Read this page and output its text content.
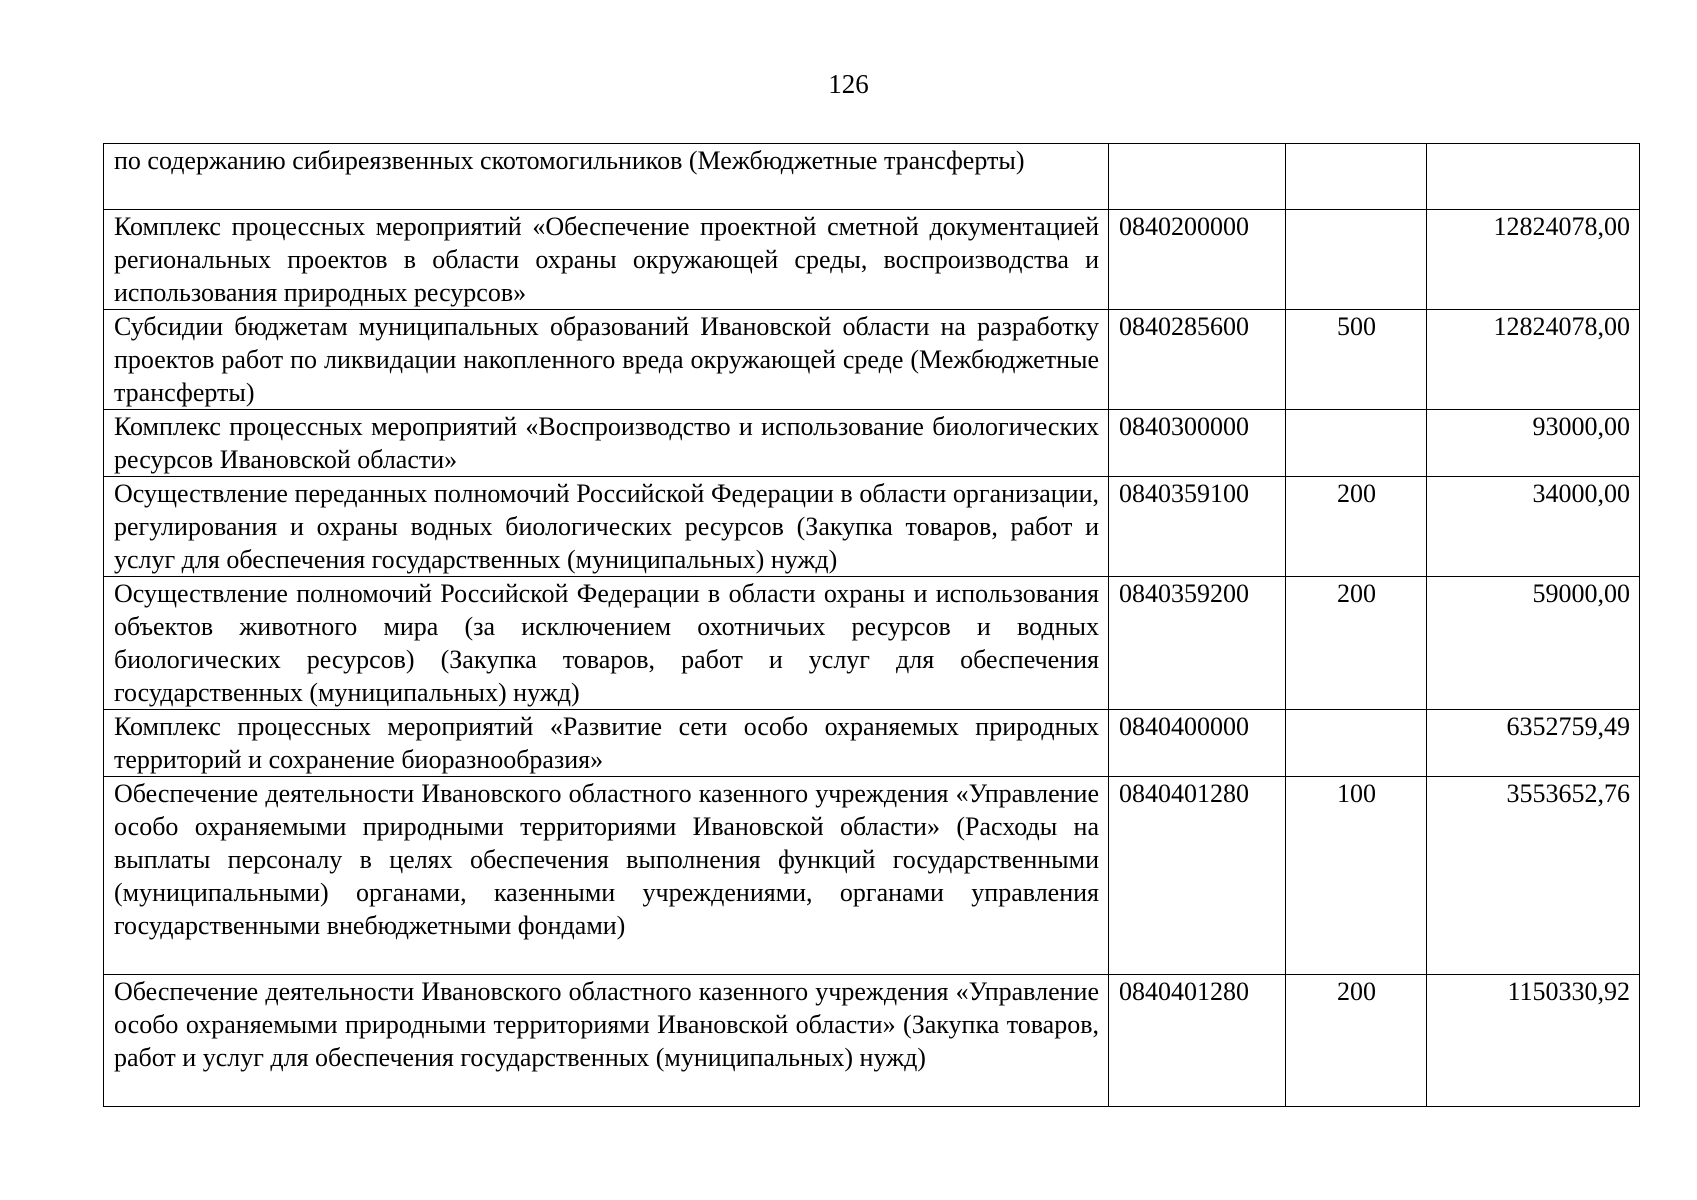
126
по содержанию сибиреязвенных скотомогильников (Межбюджетные трансферты)			
Комплекс процессных мероприятий «Обеспечение проектной сметной документацией региональных проектов в области охраны окружающей среды, воспроизводства и использования природных ресурсов»	0840200000		12824078,00
Субсидии бюджетам муниципальных образований Ивановской области на разработку проектов работ по ликвидации накопленного вреда окружающей среде (Межбюджетные трансферты)	0840285600	500	12824078,00
Комплекс процессных мероприятий «Воспроизводство и использование биологических ресурсов Ивановской области»	0840300000		93000,00
Осуществление переданных полномочий Российской Федерации в области организации, регулирования и охраны водных биологических ресурсов (Закупка товаров, работ и услуг для обеспечения государственных (муниципальных) нужд)	0840359100	200	34000,00
Осуществление полномочий Российской Федерации в области охраны и использования объектов животного мира (за исключением охотничьих ресурсов и водных биологических ресурсов) (Закупка товаров, работ и услуг для обеспечения государственных (муниципальных) нужд)	0840359200	200	59000,00
Комплекс процессных мероприятий «Развитие сети особо охраняемых природных территорий и сохранение биоразнообразия»	0840400000		6352759,49
Обеспечение деятельности Ивановского областного казенного учреждения «Управление особо охраняемыми природными территориями Ивановской области» (Расходы на выплаты персоналу в целях обеспечения выполнения функций государственными (муниципальными) органами, казенными учреждениями, органами управления государственными внебюджетными фондами)	0840401280	100	3553652,76
Обеспечение деятельности Ивановского областного казенного учреждения «Управление особо охраняемыми природными территориями Ивановской области» (Закупка товаров, работ и услуг для обеспечения государственных (муниципальных) нужд)	0840401280	200	1150330,92
